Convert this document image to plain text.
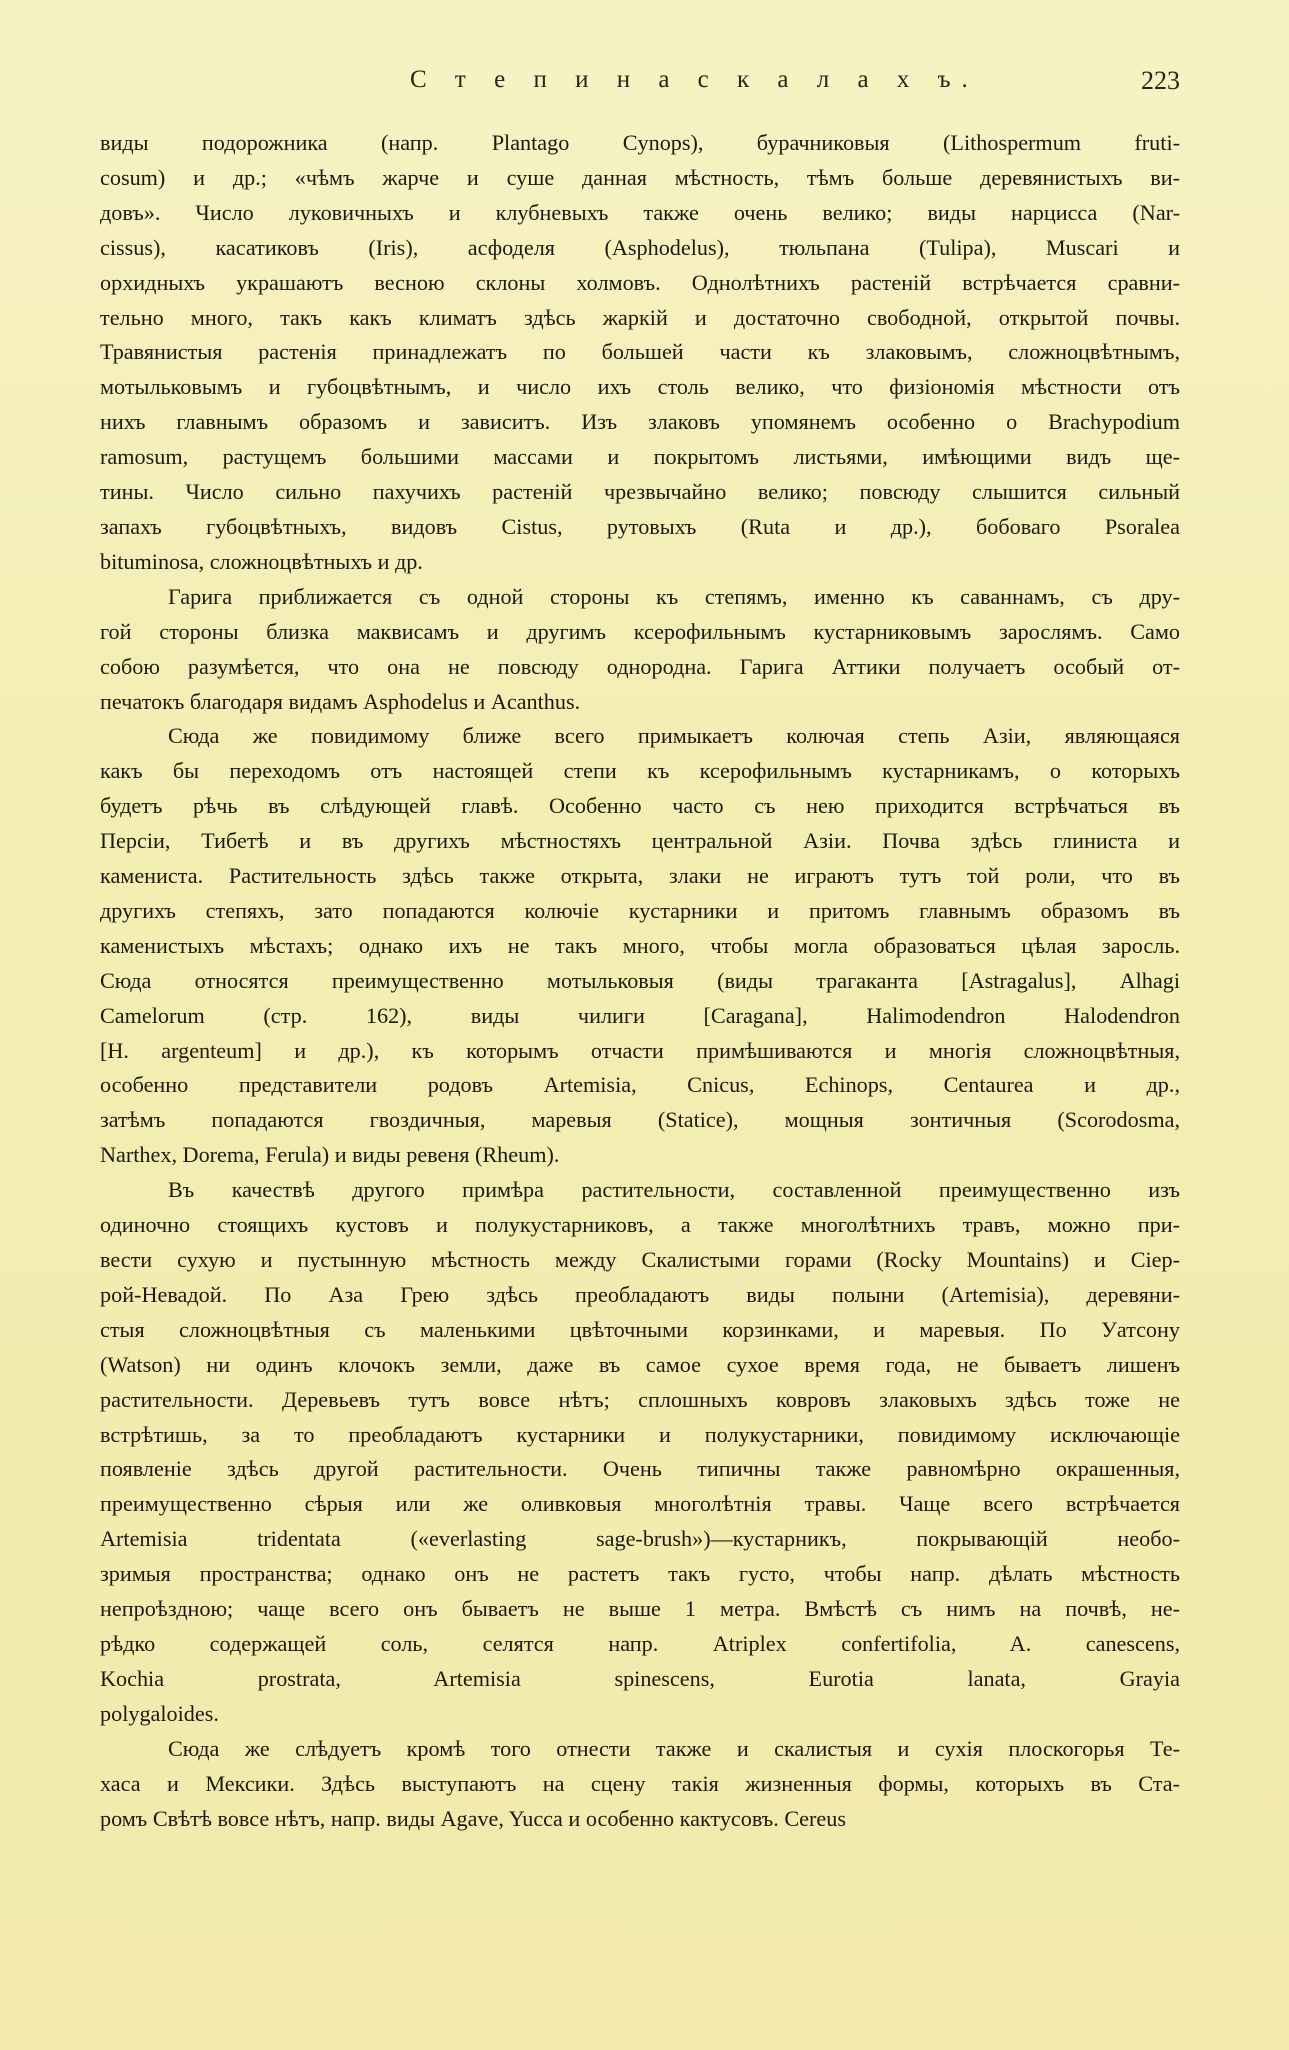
С т е п и н а с к а л а х ъ.	223
виды подорожника (напр. Plantago Cynops), бурачниковыя (Lithospermum fruti-
cosum) и др.; «чѣмъ жарче и суше данная мѣстность, тѣмъ больше деревянистыхъ ви-
довъ». Число луковичныхъ и клубневыхъ также очень велико; виды нарцисса (Nar-
cissus), касатиковъ (Iris), асфоделя (Asphodelus), тюльпана (Tulipa), Muscari и
орхидныхъ украшаютъ весною склоны холмовъ. Однолѣтнихъ растеній встрѣчается сравни-
тельно много, такъ какъ климатъ здѣсь жаркій и достаточно свободной, открытой почвы.
Травянистыя растенія принадлежатъ по большей части къ злаковымъ, сложноцвѣтнымъ,
мотыльковымъ и губоцвѣтнымъ, и число ихъ столь велико, что физіономія мѣстности отъ
нихъ главнымъ образомъ и зависитъ. Изъ злаковъ упомянемъ особенно о Brachypodium
ramosum, растущемъ большими массами и покрытомъ листьями, имѣющими видъ щe-
тины. Число сильно пахучихъ растеній чрезвычайно велико; повсюду слышится сильный
запахъ губоцвѣтныхъ, видовъ Cistus, рутовыхъ (Ruta и др.), бобоваго Psoralea
bituminosa, сложноцвѣтныхъ и др.
Гарига приближается съ одной стороны къ степямъ, именно къ саваннамъ, съ дру-
гой стороны близка маквисамъ и другимъ ксерофильнымъ кустарниковымъ зарослямъ. Само
собою разумѣется, что она не повсюду однородна. Гарига Аттики получаетъ особый от-
печатокъ благодаря видамъ Asphodelus и Acanthus.
Сюда же повидимому ближе всего примыкаетъ колючая степь Азіи, являющаяся
какъ бы переходомъ отъ настоящей степи къ ксерофильнымъ кустарникамъ, о которыхъ
будетъ рѣчь въ слѣдующей главѣ. Особенно часто съ нею приходится встрѣчаться въ
Персіи, Тибетѣ и въ другихъ мѣстностяхъ центральной Азіи. Почва здѣсь глиниста и
камениста. Растительность здѣсь также открыта, злаки не играютъ тутъ той роли, что въ
другихъ степяхъ, зато попадаются колючіе кустарники и притомъ главнымъ образомъ въ
каменистыхъ мѣстахъ; однако ихъ не такъ много, чтобы могла образоваться цѣлая заросль.
Сюда относятся преимущественно мотыльковыя (виды трагаканта [Astragalus], Alhagi
Camelorum (стр. 162), виды чилиги [Caragana], Halimodendron Halodendron
[H. argenteum] и др.), къ которымъ отчасти примѣшиваются и многія сложноцвѣтныя,
особенно представители родовъ Artemisia, Cnicus, Echinops, Centaurea и др.,
затѣмъ попадаются гвоздичныя, маревыя (Statice), мощныя зонтичныя (Scorodosma,
Narthex, Dorema, Ferula) и виды ревеня (Rheum).
Въ качествѣ другого примѣра растительности, составленной преимущественно изъ
одиночно стоящихъ кустовъ и полукустарниковъ, а также многолѣтнихъ травъ, можно при-
вести сухую и пустынную мѣстность между Скалистыми горами (Rocky Mountains) и Сіер-
рой-Невадой. По Аза Грею здѣсь преобладаютъ виды полыни (Artemisia), деревяни-
стыя сложноцвѣтныя съ маленькими цвѣточными корзинками, и маревыя. По Уатсону
(Watson) ни одинъ клочокъ земли, даже въ самое сухое время года, не бываетъ лишенъ
растительности. Деревьевъ тутъ вовсе нѣтъ; сплошныхъ ковровъ злаковыхъ здѣсь тоже не
встрѣтишь, за то преобладаютъ кустарники и полукустарники, повидимому исключающіе
появленіе здѣсь другой растительности. Очень типичны также равномѣрно окрашенныя,
преимущественно сѣрыя или же оливковыя многолѣтнія травы. Чаще всего встрѣчается
Artemisia tridentata («everlasting sage-brush»)—кустарникъ, покрывающій необо-
зримыя пространства; однако онъ не растетъ такъ густо, чтобы напр. дѣлать мѣстность
непроѣздною; чаще всего онъ бываетъ не выше 1 метра. Вмѣстѣ съ нимъ на почвѣ, не-
рѣдко содержащей соль, селятся напр. Atriplex confertifolia, A. canescens,
Kochia prostrata, Artemisia spinescens, Eurotia lanata, Grayia
polygaloides.
Сюда же слѣдуетъ кромѣ того отнести также и скалистыя и сухія плоскогорья Те-
хаса и Мексики. Здѣсь выступаютъ на сцену такія жизненныя формы, которыхъ въ Ста-
ромъ Свѣтѣ вовсе нѣтъ, напр. виды Agave, Yucca и особенно кактусовъ. Cereus
